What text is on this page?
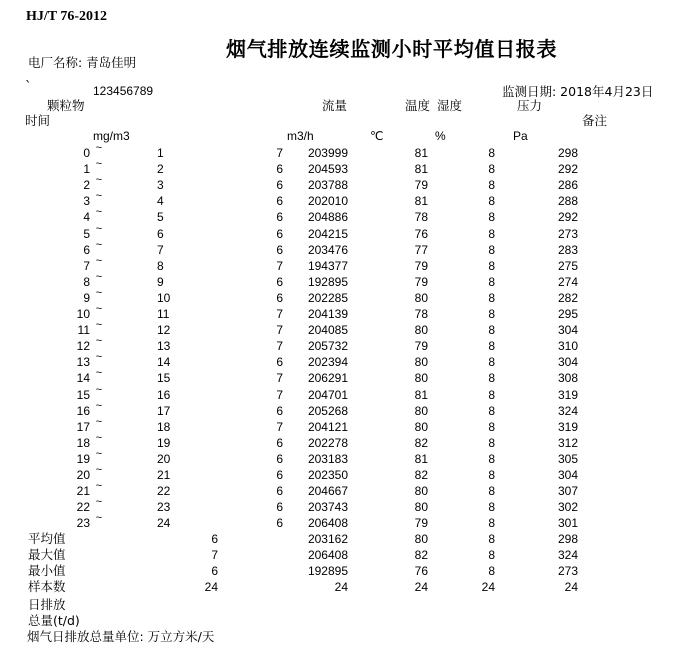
HJ/T 76-2012
烟气排放连续监测小时平均值日报表
电厂名称: 青岛佳明
`	123456789	监测日期: 2018年4月23日
颗粒物	流量	温度 湿度	压力
时间	备注
mg/m3	m3/h	℃	%	Pa
0 ~	1	7	203999	81	8	298
1 ~	2	6	204593	81	8	292
2 ~	3	6	203788	79	8	286
3 ~	4	6	202010	81	8	288
4 ~	5	6	204886	78	8	292
5 ~	6	6	204215	76	8	273
6 ~	7	6	203476	77	8	283
7 ~	8	7	194377	79	8	275
8 ~	9	6	192895	79	8	274
9 ~	10	6	202285	80	8	282
10 ~	11	7	204139	78	8	295
11 ~	12	7	204085	80	8	304
12 ~	13	7	205732	79	8	310
13 ~	14	6	202394	80	8	304
14 ~	15	7	206291	80	8	308
15 ~	16	7	204701	81	8	319
16 ~	17	6	205268	80	8	324
17 ~	18	7	204121	80	8	319
18 ~	19	6	202278	82	8	312
19 ~	20	6	203183	81	8	305
20 ~	21	6	202350	82	8	304
21 ~	22	6	204667	80	8	307
22 ~	23	6	203743	80	8	302
23 ~	24	6	206408	79	8	301
平均值	6	203162	80	8	298
最大值	7	206408	82	8	324
最小值	6	192895	76	8	273
样本数	24	24	24	24	24
日排放
总量(t/d)
烟气日排放总量单位: 万立方米/天
